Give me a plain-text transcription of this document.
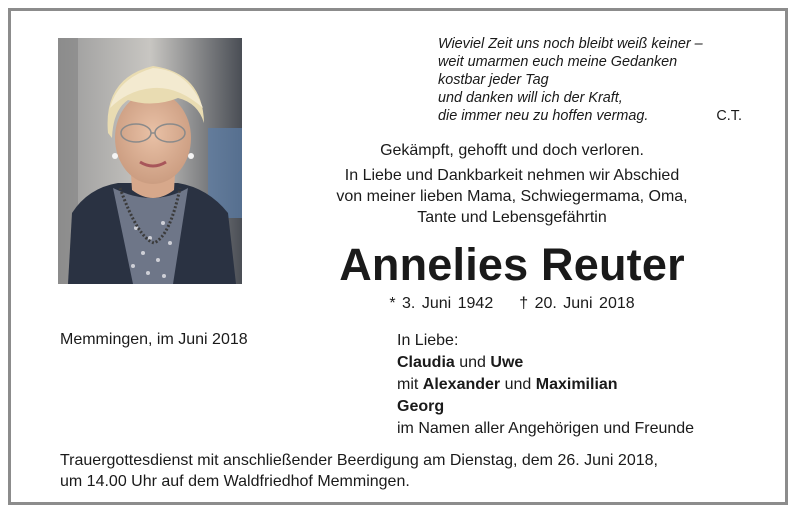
Wieviel Zeit uns noch bleibt weiß keiner –
weit umarmen euch meine Gedanken
kostbar jeder Tag
und danken will ich der Kraft,
die immer neu zu hoffen vermag.	C.T.
Gekämpft, gehofft und doch verloren.
In Liebe und Dankbarkeit nehmen wir Abschied
von meiner lieben Mama, Schwiegermama, Oma,
Tante und Lebensgefährtin
Annelies Reuter
* 3. Juni 1942 † 20. Juni 2018
Memmingen, im Juni 2018	In Liebe:
Claudia und Uwe
mit Alexander und Maximilian
Georg
im Namen aller Angehörigen und Freunde
Trauergottesdienst mit anschließender Beerdigung am Dienstag, dem 26. Juni 2018,
um 14.00 Uhr auf dem Waldfriedhof Memmingen.
